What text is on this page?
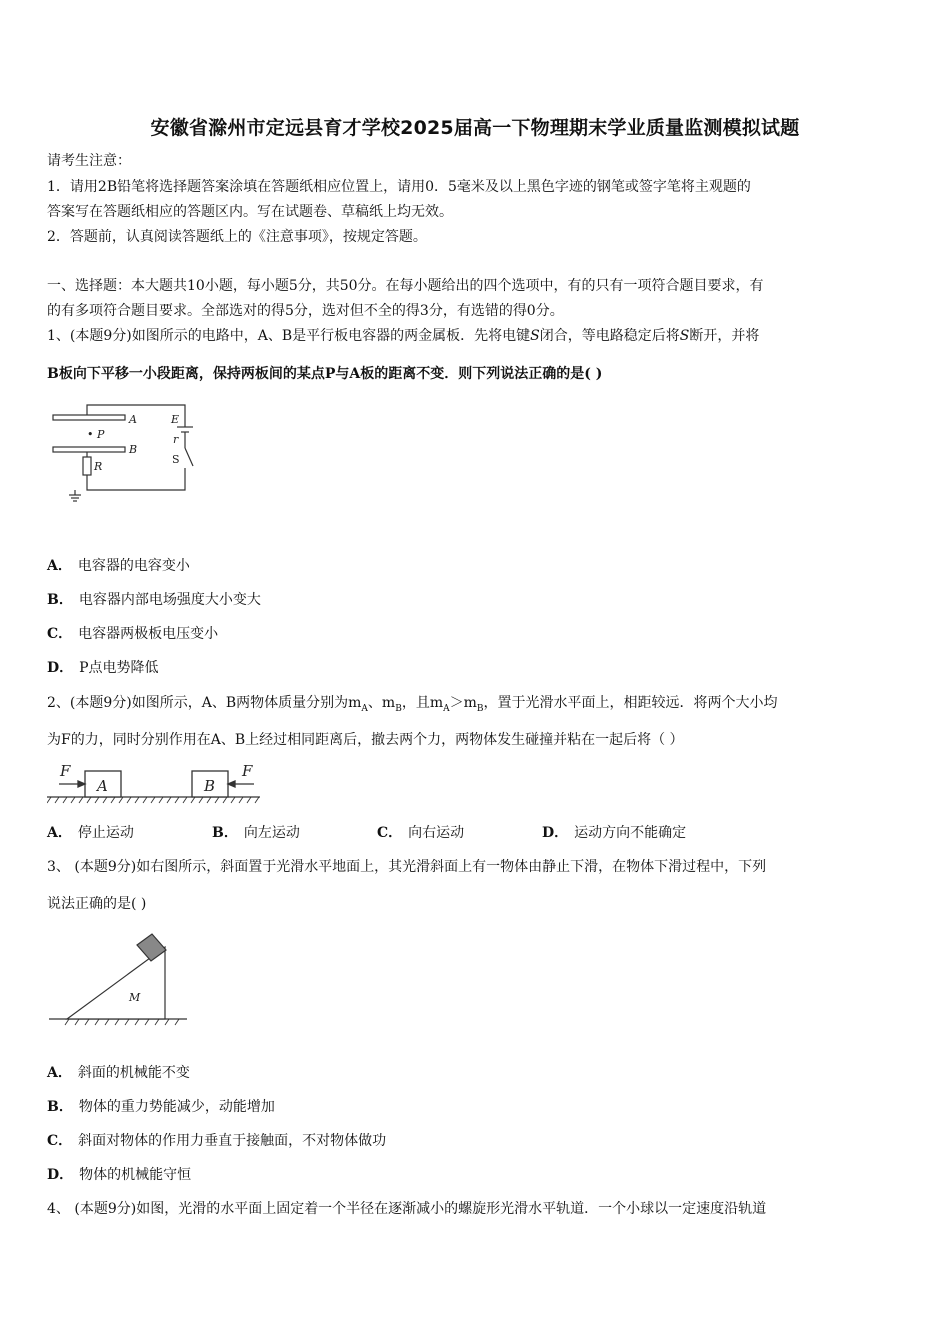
安徽省滁州市定远县育才学校2025届高一下物理期末学业质量监测模拟试题
请考生注意：
1．请用2B铅笔将选择题答案涂填在答题纸相应位置上，请用0．5毫米及以上黑色字迹的钢笔或签字笔将主观题的
答案写在答题纸相应的答题区内。写在试题卷、草稿纸上均无效。
2．答题前，认真阅读答题纸上的《注意事项》，按规定答题。
一、选择题：本大题共10小题，每小题5分，共50分。在每小题给出的四个选项中，有的只有一项符合题目要求，有
的有多项符合题目要求。全部选对的得5分，选对但不全的得3分，有选错的得0分。
1、(本题9分)如图所示的电路中，A、B是平行板电容器的两金属板．先将电键S闭合，等电路稳定后将S断开，并将
B板向下平移一小段距离，保持两板间的某点P与A板的距离不变．则下列说法正确的是( )
A
B
• P
R
E
r
S
A． 电容器的电容变小
B． 电容器内部电场强度大小变大
C． 电容器两极板电压变小
D． P点电势降低
2、(本题9分)如图所示，A、B两物体质量分别为$m_A$、$m_B$，且$m_A>m_B$，置于光滑水平面上，相距较远．将两个大小均
为F的力，同时分别作用在A、B上经过相同距离后，撤去两个力，两物体发生碰撞并粘在一起后将（ ）
F
A	B
F
A． 停止运动	B． 向左运动	C． 向右运动	D． 运动方向不能确定
3、 (本题9分)如右图所示，斜面置于光滑水平地面上，其光滑斜面上有一物体由静止下滑，在物体下滑过程中，下列
说法正确的是( )
M
A． 斜面的机械能不变
B． 物体的重力势能减少，动能增加
C． 斜面对物体的作用力垂直于接触面，不对物体做功
D． 物体的机械能守恒
4、 (本题9分)如图，光滑的水平面上固定着一个半径在逐渐减小的螺旋形光滑水平轨道．一个小球以一定速度沿轨道
